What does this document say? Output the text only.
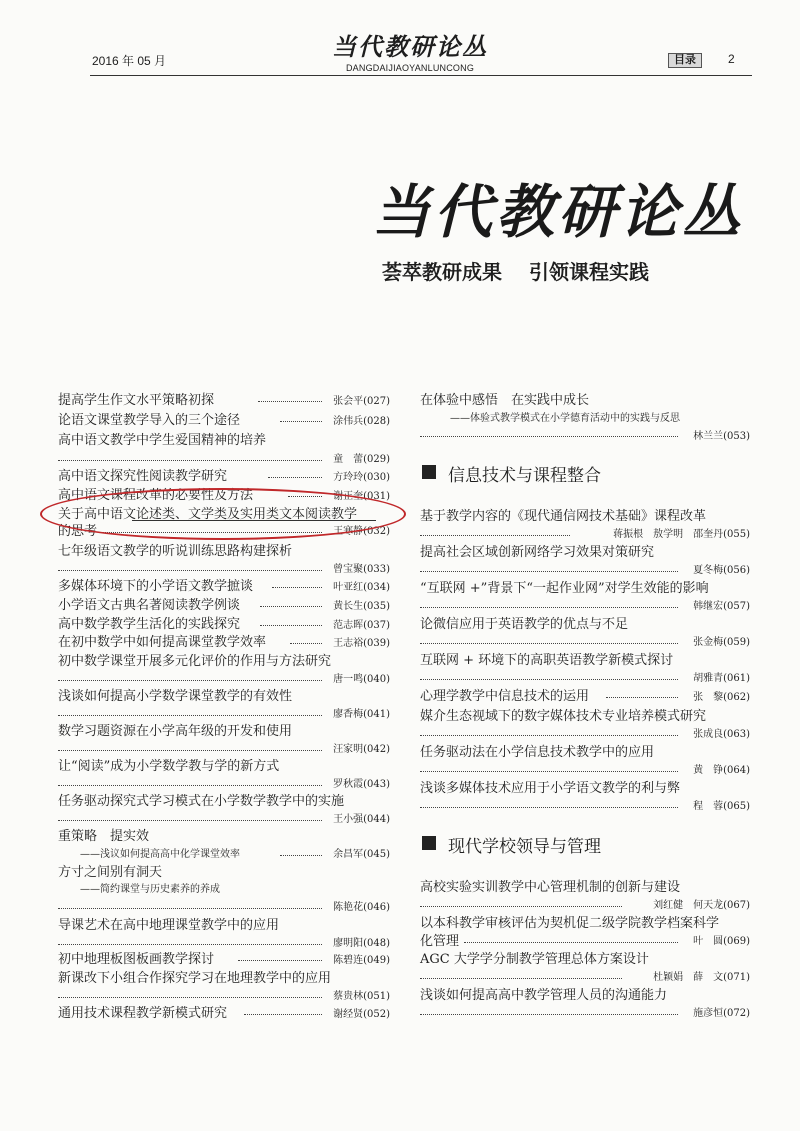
2016 年 05 月	当代教研论丛
DANGDAIJIAOYANLUNCONG
目录	2
当代教研论丛
荟萃教研成果 引领课程实践
提高学生作文水平策略初探	张会平(027)
论语文课堂教学导入的三个途径	涂伟兵(028)
高中语文教学中学生爱国精神的培养
童　蕾(029)
高中语文探究性阅读教学研究	方玲玲(030)
高中语文课程改革的必要性及方法	谢正奎(031)
关于高中语文论述类、文学类及实用类文本阅读教学
的思考	王寒静(032)
七年级语文教学的听说训练思路构建探析
曾宝聚(033)
多媒体环境下的小学语文教学摭谈	叶亚红(034)
小学语文古典名著阅读教学例谈	黄长生(035)
高中数学教学生活化的实践探究	范志晖(037)
在初中数学中如何提高课堂教学效率	王志裕(039)
初中数学课堂开展多元化评价的作用与方法研究
唐一鸣(040)
浅谈如何提高小学数学课堂教学的有效性
廖香梅(041)
数学习题资源在小学高年级的开发和使用
汪家明(042)
让“阅读”成为小学数学教与学的新方式
罗秋霞(043)
任务驱动探究式学习模式在小学数学教学中的实施
王小强(044)
重策略　提实效
——浅议如何提高高中化学课堂效率	余昌军(045)
方寸之间别有洞天
——简约课堂与历史素养的养成
陈艳花(046)
导课艺术在高中地理课堂教学中的应用
廖明阳(048)
初中地理板图板画教学探讨	陈碧连(049)
新课改下小组合作探究学习在地理教学中的应用
蔡贵林(051)
通用技术课程教学新模式研究	谢经贤(052)
在体验中感悟　在实践中成长
——体验式教学模式在小学德育活动中的实践与反思
林兰兰(053)
信息技术与课程整合
基于教学内容的《现代通信网技术基础》课程改革
蒋振根　敖学明　邵奎丹(055)
提高社会区域创新网络学习效果对策研究
夏冬梅(056)
“互联网 +”背景下“一起作业网”对学生效能的影响
韩继宏(057)
论微信应用于英语教学的优点与不足
张金梅(059)
互联网 + 环境下的高职英语教学新模式探讨
胡雅青(061)
心理学教学中信息技术的运用	张　黎(062)
媒介生态视域下的数字媒体技术专业培养模式研究
张成良(063)
任务驱动法在小学信息技术教学中的应用
黄　铮(064)
浅谈多媒体技术应用于小学语文教学的利与弊
程　蓉(065)
现代学校领导与管理
高校实验实训教学中心管理机制的创新与建设
刘红健　何天龙(067)
以本科教学审核评估为契机促二级学院教学档案科学
化管理	叶　圆(069)
AGC 大学学分制教学管理总体方案设计
杜颖娟　薛　文(071)
浅谈如何提高高中教学管理人员的沟通能力
施彦恒(072)
